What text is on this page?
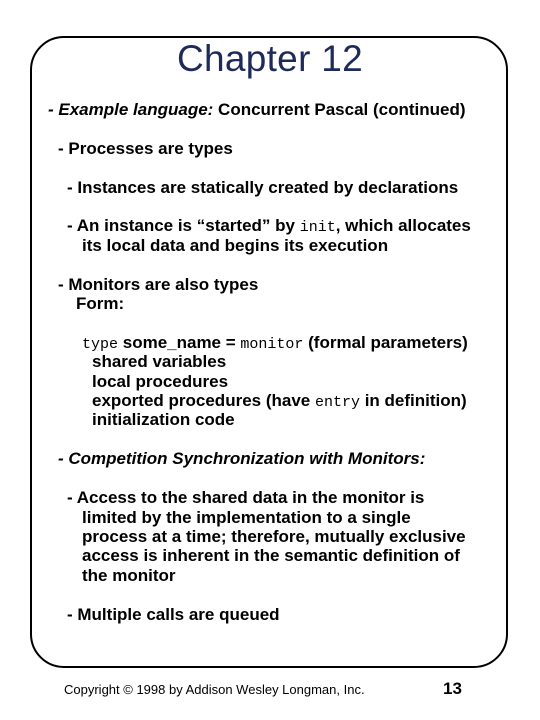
Chapter 12
- Example language: Concurrent Pascal (continued)
- Processes are types
- Instances are statically created by declarations
- An instance is “started” by init, which allocates
its local data and begins its execution
- Monitors are also types
Form:
type some_name = monitor (formal parameters)
shared variables
local procedures
exported procedures (have entry in definition)
initialization code
- Competition Synchronization with Monitors:
- Access to the shared data in the monitor is
limited by the implementation to a single
process at a time; therefore, mutually exclusive
access is inherent in the semantic definition of
the monitor
- Multiple calls are queued
Copyright © 1998 by Addison Wesley Longman, Inc.	13
